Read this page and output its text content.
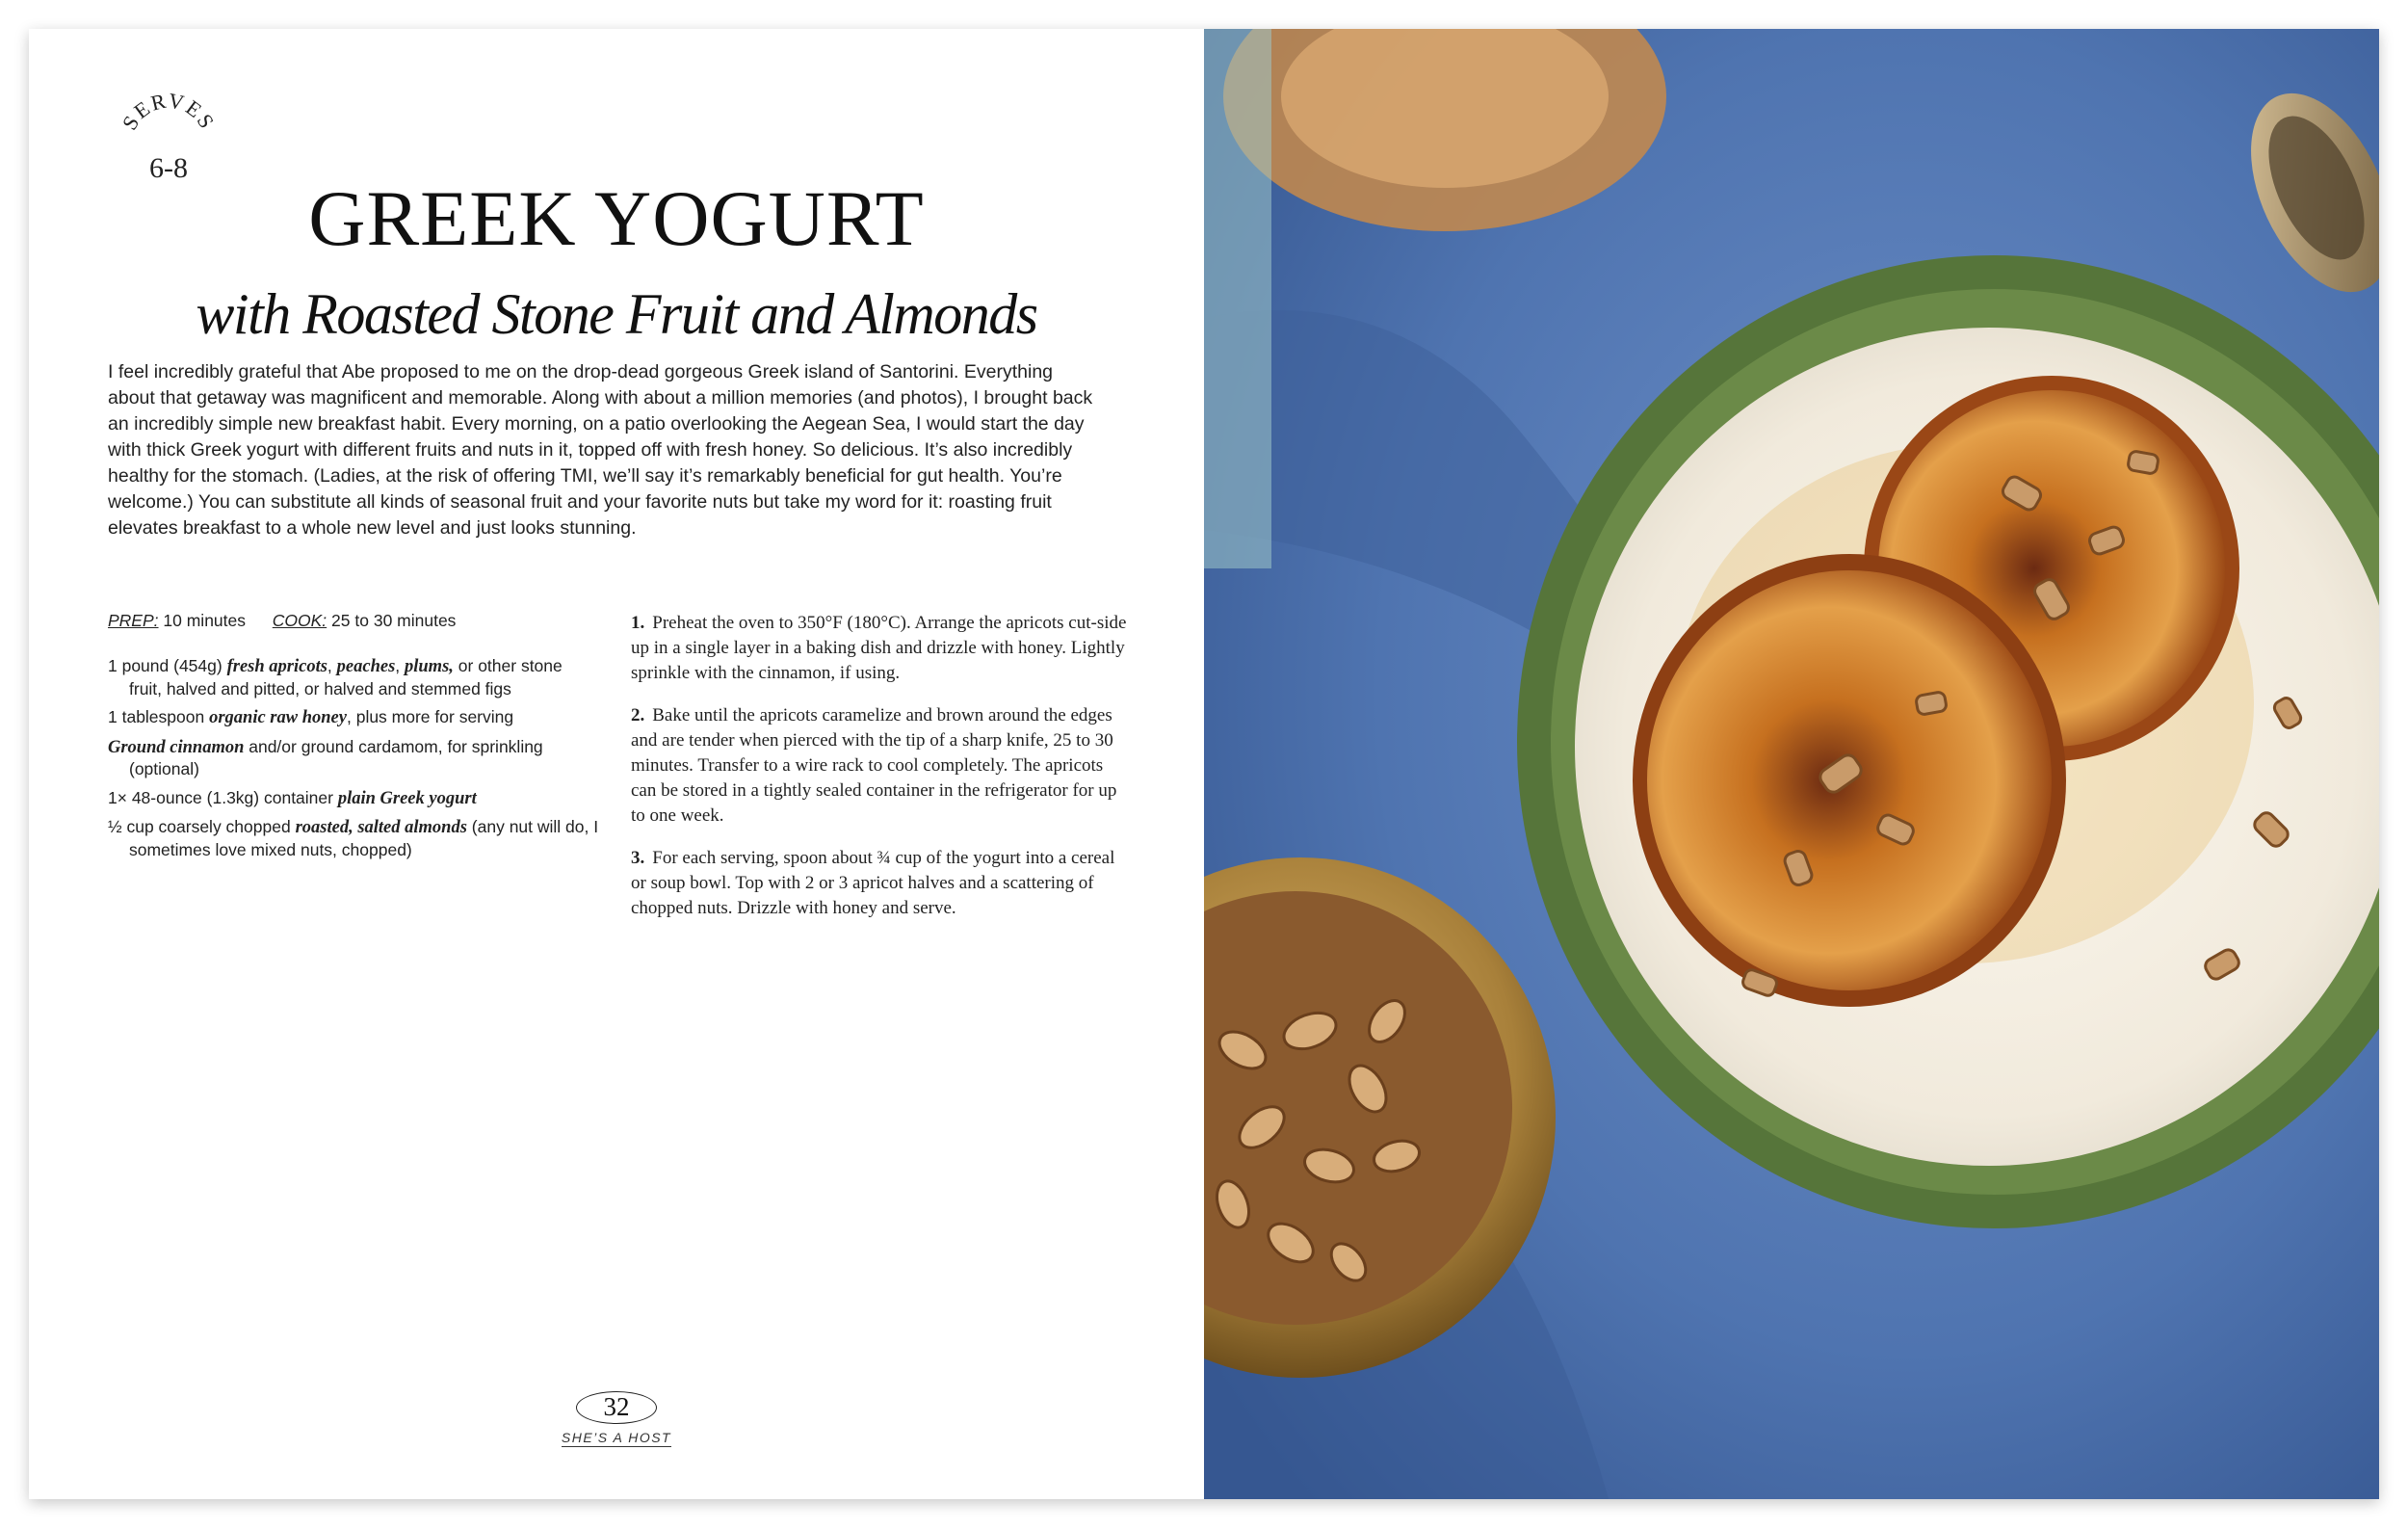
SERVES
6-8
GREEK YOGURT
with Roasted Stone Fruit and Almonds

I feel incredibly grateful that Abe proposed to me on the drop-dead gorgeous Greek island of Santorini. Everything about that getaway was magnificent and memorable. Along with about a million memories (and photos), I brought back an incredibly simple new breakfast habit. Every morning, on a patio overlooking the Aegean Sea, I would start the day with thick Greek yogurt with different fruits and nuts in it, topped off with fresh honey. So delicious. It’s also incredibly healthy for the stomach. (Ladies, at the risk of offering TMI, we’ll say it’s remarkably beneficial for gut health. You’re welcome.) You can substitute all kinds of seasonal fruit and your favorite nuts but take my word for it: roasting fruit elevates breakfast to a whole new level and just looks stunning.

PREP: 10 minutes COOK: 25 to 30 minutes
1 pound (454g) fresh apricots, peaches, plums, or other stone fruit, halved and pitted, or halved and stemmed figs
1 tablespoon organic raw honey, plus more for serving
Ground cinnamon and/or ground cardamom, for sprinkling (optional)
1× 48-ounce (1.3kg) container plain Greek yogurt
½ cup coarsely chopped roasted, salted almonds (any nut will do, I sometimes love mixed nuts, chopped)
1. Preheat the oven to 350°F (180°C). Arrange the apricots cut-side up in a single layer in a baking dish and drizzle with honey. Lightly sprinkle with the cinnamon, if using.
2. Bake until the apricots caramelize and brown around the edges and are tender when pierced with the tip of a sharp knife, 25 to 30 minutes. Transfer to a wire rack to cool completely. The apricots can be stored in a tightly sealed container in the refrigerator for up to one week.
3. For each serving, spoon about ¾ cup of the yogurt into a cereal or soup bowl. Top with 2 or 3 apricot halves and a scattering of chopped nuts. Drizzle with honey and serve.
32
SHE’S A HOST
